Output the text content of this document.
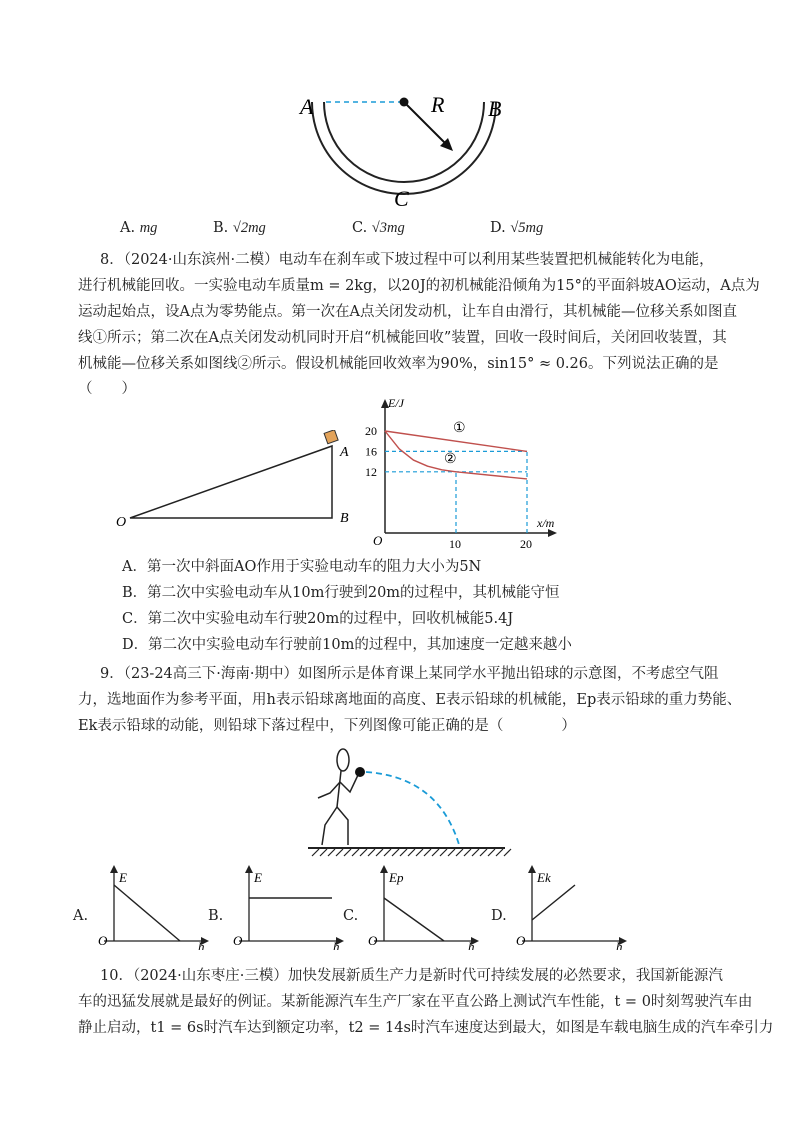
A	R B
C
A. mg	B. √2mg	C. √3mg	D. √5mg
8．（2024·山东滨州·二模）电动车在刹车或下坡过程中可以利用某些装置把机械能转化为电能，
进行机械能回收。一实验电动车质量m = 2kg，以20J的初机械能沿倾角为15°的平面斜坡AO运动，A点为
运动起始点，设A点为零势能点。第一次在A点关闭发动机，让车自由滑行，其机械能—位移关系如图直
线①所示；第二次在A点关闭发动机同时开启“机械能回收”装置，回收一段时间后，关闭回收装置，其
机械能—位移关系如图线②所示。假设机械能回收效率为90%，sin15° ≈ 0.26。下列说法正确的是
（　　）
A
B
O
20
16
12
10	20
E/J
x/m
O
①
②
A．第一次中斜面AO作用于实验电动车的阻力大小为5N
B．第二次中实验电动车从10m行驶到20m的过程中，其机械能守恒
C．第二次中实验电动车行驶20m的过程中，回收机械能5.4J
D．第二次中实验电动车行驶前10m的过程中，其加速度一定越来越小
9．（23-24高三下·海南·期中）如图所示是体育课上某同学水平抛出铅球的示意图，不考虑空气阻
力，选地面作为参考平面，用h表示铅球离地面的高度、E表示铅球的机械能，Ep表示铅球的重力势能、
Ek表示铅球的动能，则铅球下落过程中，下列图像可能正确的是（　　　　）
A.
E
O	h
B.
E
O	h
C.
Ep
O	h
D.
Ek
O	h
10．（2024·山东枣庄·三模）加快发展新质生产力是新时代可持续发展的必然要求，我国新能源汽
车的迅猛发展就是最好的例证。某新能源汽车生产厂家在平直公路上测试汽车性能，t = 0时刻驾驶汽车由
静止启动，t1 = 6s时汽车达到额定功率，t2 = 14s时汽车速度达到最大，如图是车载电脑生成的汽车牵引力
